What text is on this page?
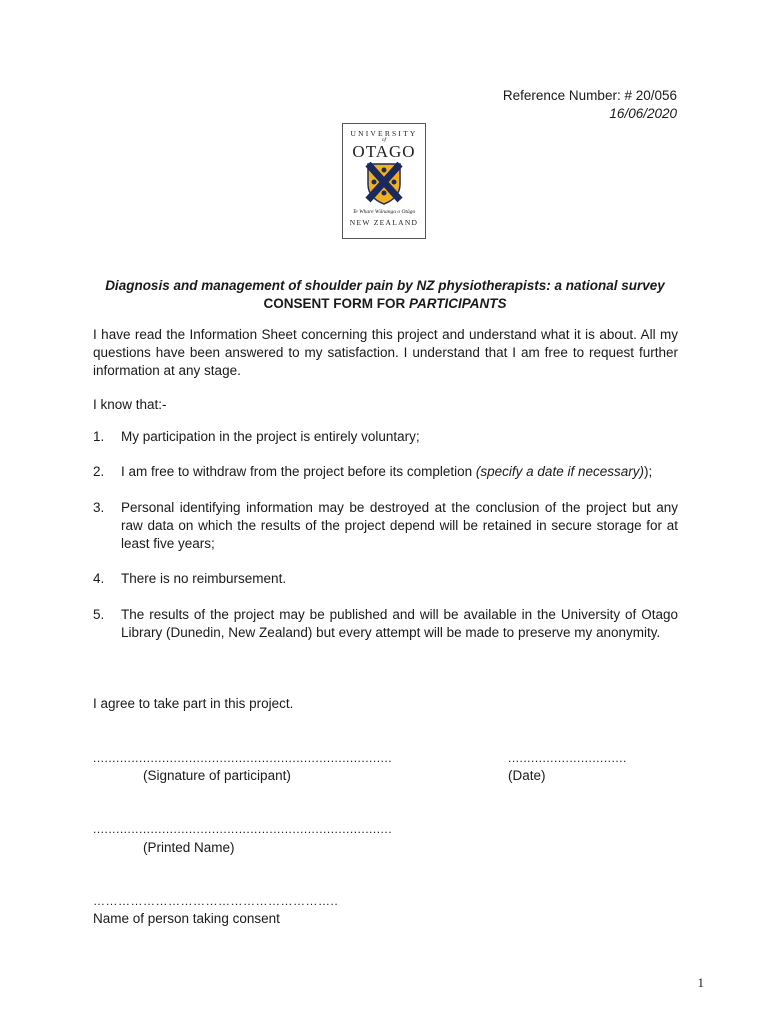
Reference Number: # 20/056
16/06/2020
UNIVERSITY
of
OTAGO
Te Whare Wānanga o Otāgo
NEW ZEALAND
Diagnosis and management of shoulder pain by NZ physiotherapists: a national survey
CONSENT FORM FOR PARTICIPANTS
I have read the Information Sheet concerning this project and understand what it is about. All my questions have been answered to my satisfaction. I understand that I am free to request further information at any stage.
I know that:-
1. My participation in the project is entirely voluntary;
2. I am free to withdraw from the project before its completion (specify a date if necessary));
3. Personal identifying information may be destroyed at the conclusion of the project but any raw data on which the results of the project depend will be retained in secure storage for at least five years;
4. There is no reimbursement.
5. The results of the project may be published and will be available in the University of Otago Library (Dunedin, New Zealand) but every attempt will be made to preserve my anonymity.
I agree to take part in this project.
..............................................................................
(Signature of participant)
...............................
(Date)
..............................................................................
(Printed Name)
…………………………………………………..
Name of person taking consent
1
